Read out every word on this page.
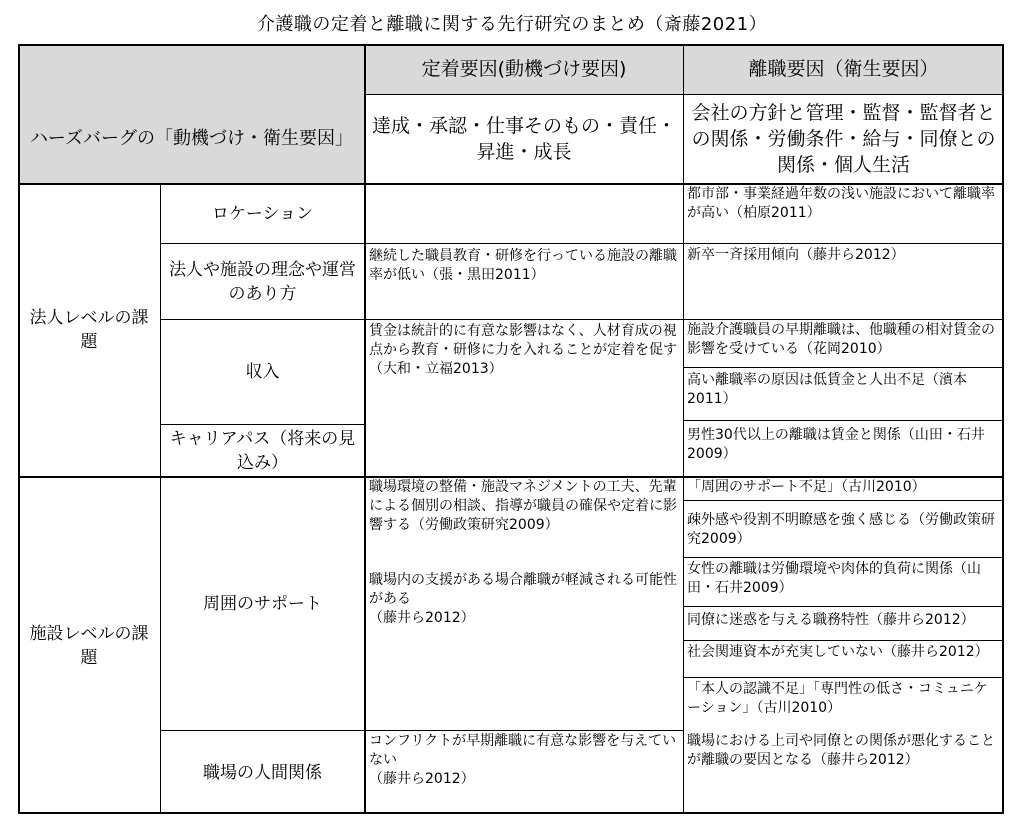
介護職の定着と離職に関する先行研究のまとめ（斎藤2021）
定着要因(動機づけ要因)	離職要因（衛生要因）
ハーズバーグの「動機づけ・衛生要因」
達成・承認・仕事そのもの・責任・昇進・成長
会社の方針と管理・監督・監督者との関係・労働条件・給与・同僚との関係・個人生活
法人レベルの課題
施設レベルの課題
ロケーション
法人や施設の理念や運営のあり方
収入
キャリアパス（将来の見込み）
周囲のサポート
職場の人間関係
継続した職員教育・研修を行っている施設の離職率が低い（張・黒田2011）
賃金は統計的に有意な影響はなく、人材育成の視点から教育・研修に力を入れることが定着を促す（大和・立福2013）
職場環境の整備・施設マネジメントの工夫、先輩による個別の相談、指導が職員の確保や定着に影響する（労働政策研究2009）
職場内の支援がある場合離職が軽減される可能性がある
（藤井ら2012）
コンフリクトが早期離職に有意な影響を与えていない
（藤井ら2012）
都市部・事業経過年数の浅い施設において離職率が高い（柏原2011）
新卒一斉採用傾向（藤井ら2012）
施設介護職員の早期離職は、他職種の相対賃金の影響を受けている（花岡2010）
高い離職率の原因は低賃金と人出不足（濱本2011）
男性30代以上の離職は賃金と関係（山田・石井2009）
「周囲のサポート不足」（古川2010）
疎外感や役割不明瞭感を強く感じる（労働政策研究2009）
女性の離職は労働環境や肉体的負荷に関係（山田・石井2009）
同僚に迷惑を与える職務特性（藤井ら2012）
社会関連資本が充実していない（藤井ら2012）
「本人の認識不足」「専門性の低さ・コミュニケーション」（古川2010）
職場における上司や同僚との関係が悪化することが離職の要因となる（藤井ら2012）
